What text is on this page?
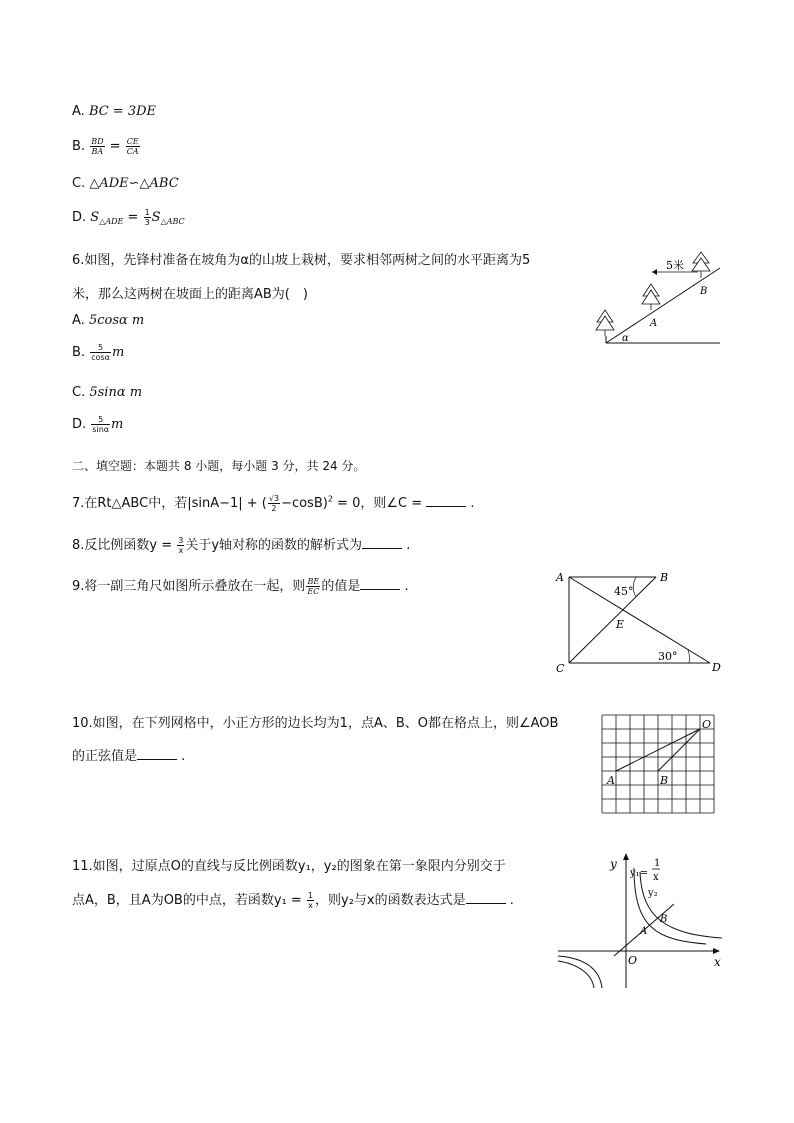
A. BC = 3DE
B. $\frac{BD}{BA} = \frac{CE}{CA}$
C. △ADE∽△ABC
D. $S_{\triangle ADE} = \frac{1}{3} S_{\triangle ABC}$
6.如图，先锋村准备在坡角为α的山坡上栽树，要求相邻两树之间的水平距离为5
米，那么这两树在坡面上的距离AB为(　)
A. 5cosα m
B. $\frac{5}{\cos\alpha}$ m
C. 5sinα m
D. $\frac{5}{\sin\alpha}$ m
5米
A
B
α
二、填空题：本题共 8 小题，每小题 3 分，共 24 分。
7.在Rt△ABC中，若|sinA−1| + ( $\frac{√3}{2} -\cos B)^2 = 0$，则∠C =	.
8.反比例函数$y = \frac{3}{x}$ 关于y轴对称的函数的解析式为	.
9.将一副三角尺如图所示叠放在一起，则 $\frac{BE}{EC}$ 的值是	.
A	B
C	D
E
45°
30°
10.如图，在下列网格中，小正方形的边长均为1，点A、B、O都在格点上，则∠AOB
的正弦值是	.
A	B
O
11.如图，过原点O的直线与反比例函数y₁，y₂的图象在第一象限内分别交于
点A，B，且A为OB的中点，若函数$y_1 = \frac{1}{x}$ ，则y₂与x的函数表达式是	.
y
x
O
A
B
y₁=
1
x
y₂
